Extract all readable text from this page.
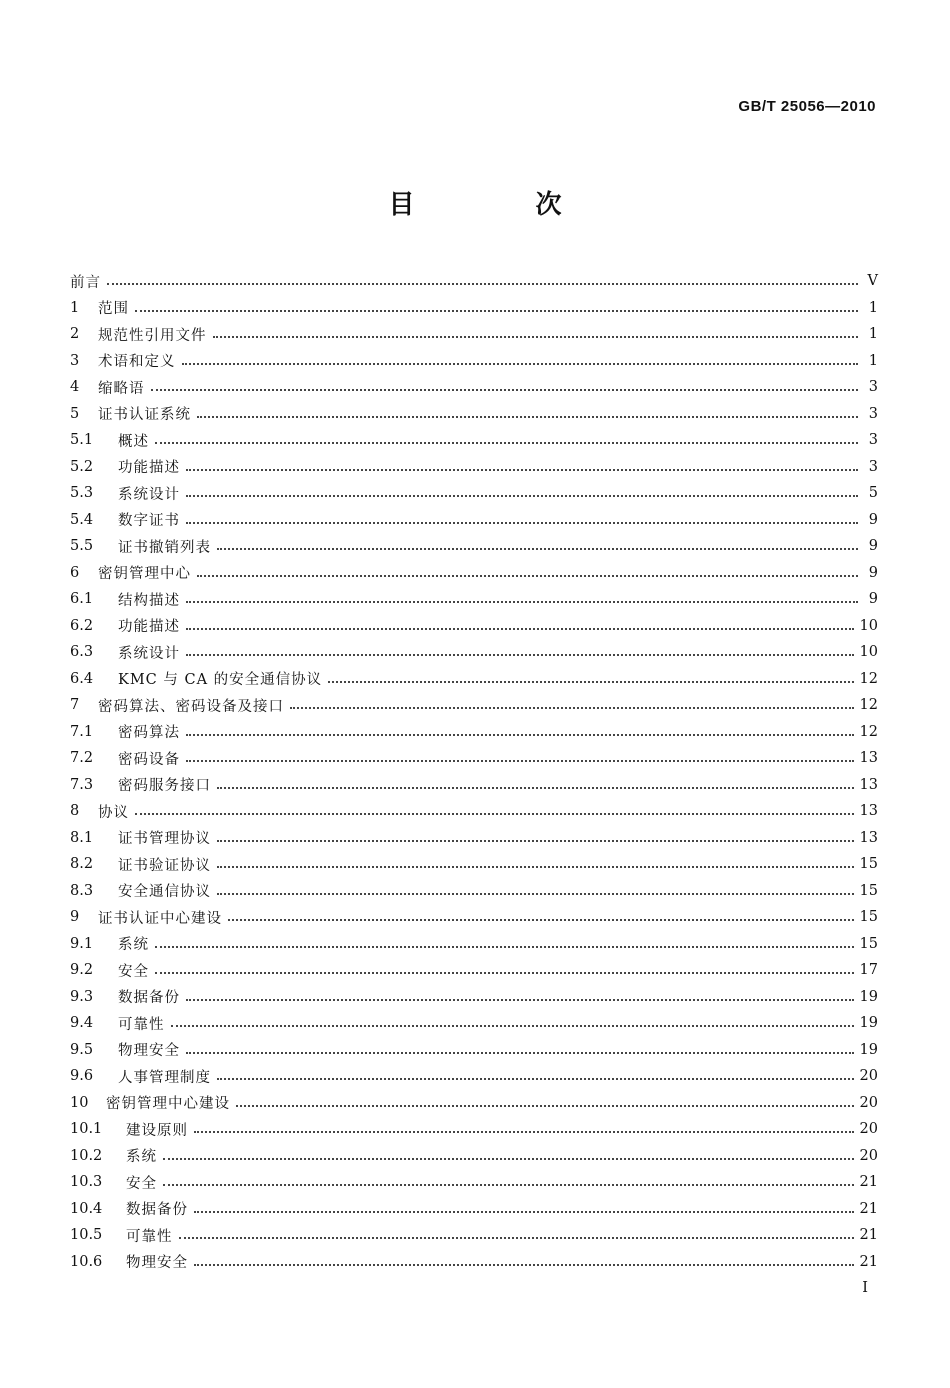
GB/T 25056—2010
目 次
前言	V
1	范围	1
2	规范性引用文件	1
3	术语和定义	1
4	缩略语	3
5	证书认证系统	3
5.1	概述	3
5.2	功能描述	3
5.3	系统设计	5
5.4	数字证书	9
5.5	证书撤销列表	9
6	密钥管理中心	9
6.1	结构描述	9
6.2	功能描述	10
6.3	系统设计	10
6.4	KMC 与 CA 的安全通信协议	12
7	密码算法、密码设备及接口	12
7.1	密码算法	12
7.2	密码设备	13
7.3	密码服务接口	13
8	协议	13
8.1	证书管理协议	13
8.2	证书验证协议	15
8.3	安全通信协议	15
9	证书认证中心建设	15
9.1	系统	15
9.2	安全	17
9.3	数据备份	19
9.4	可靠性	19
9.5	物理安全	19
9.6	人事管理制度	20
10	密钥管理中心建设	20
10.1	建设原则	20
10.2	系统	20
10.3	安全	21
10.4	数据备份	21
10.5	可靠性	21
10.6	物理安全	21
I
